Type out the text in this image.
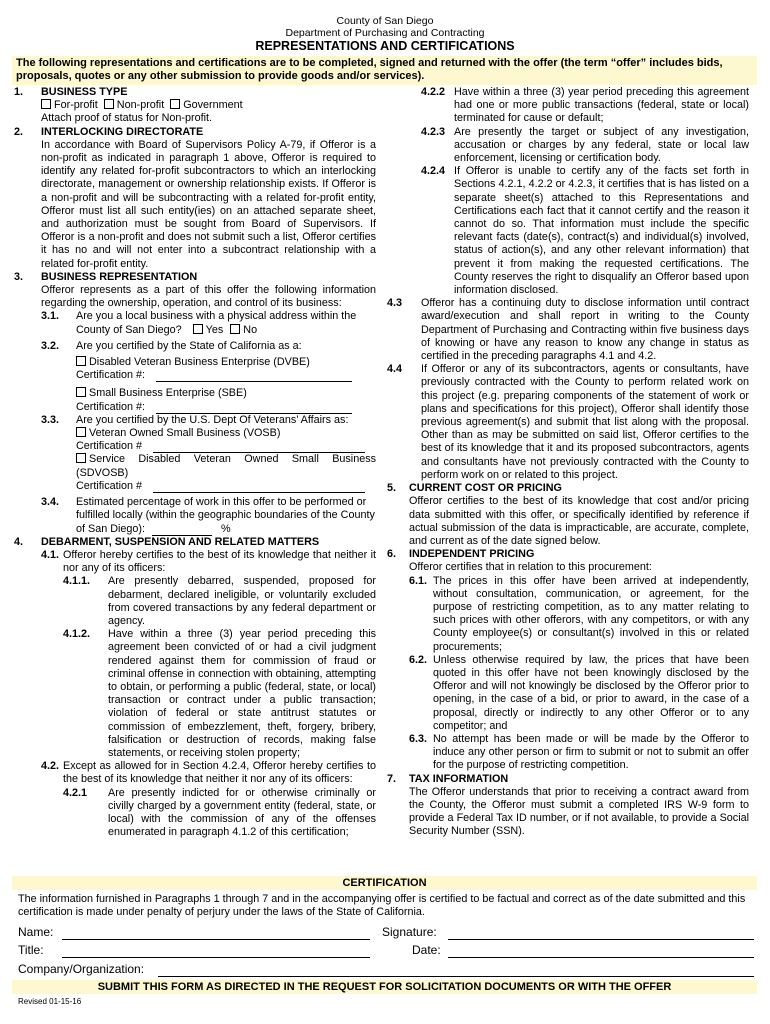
County of San Diego
Department of Purchasing and Contracting
REPRESENTATIONS AND CERTIFICATIONS
The following representations and certifications are to be completed, signed and returned with the offer (the term “offer” includes bids, proposals, quotes or any other submission to provide goods and/or services).
1.	BUSINESS TYPE

For-profit Non-profit Government

Attach proof of status for Non-profit.

2.	INTERLOCKING DIRECTORATE

In accordance with Board of Supervisors Policy A-79, if Offeror is a non-profit as indicated in paragraph 1 above, Offeror is required to identify any related for-profit subcontractors to which an interlocking directorate, management or ownership relationship exists. If Offeror is a non-profit and will be subcontracting with a related for-profit entity, Offeror must list all such entity(ies) on an attached separate sheet, and authorization must be sought from Board of Supervisors. If Offeror is a non-profit and does not submit such a list, Offeror certifies it has no and will not enter into a subcontract relationship with a related for-profit entity.

3.	BUSINESS REPRESENTATION

Offeror represents as a part of this offer the following information regarding the ownership, operation, and control of its business:

3.1.	Are you a local business with a physical address within the County of San Diego? Yes No
3.2.	Are you certified by the State of California as a:

Disabled Veteran Business Enterprise (DVBE)

Certification #:

Small Business Enterprise (SBE)

Certification #:

3.3.	Are you certified by the U.S. Dept Of Veterans’ Affairs as:

Veteran Owned Small Business (VOSB)

Certification #

Service Disabled Veteran Owned Small Business (SDVOSB)

Certification #

3.4.	Estimated percentage of work in this offer to be performed or fulfilled locally (within the geographic boundaries of the County of San Diego):	%
4.	DEBARMENT, SUSPENSION AND RELATED MATTERS

4.1. Offeror hereby certifies to the best of its knowledge that neither it nor any of its officers:

4.1.1.	Are presently debarred, suspended, proposed for debarment, declared ineligible, or voluntarily excluded from covered transactions by any federal department or agency.

4.1.2.	Have within a three (3) year period preceding this agreement been convicted of or had a civil judgment rendered against them for commission of fraud or criminal offense in connection with obtaining, attempting to obtain, or performing a public (federal, state, or local) transaction or contract under a public transaction; violation of federal or state antitrust statutes or commission of embezzlement, theft, forgery, bribery, falsification or destruction of records, making false statements, or receiving stolen property;

4.2. Except as allowed for in Section 4.2.4, Offeror hereby certifies to the best of its knowledge that neither it nor any of its officers:

4.2.1	Are presently indicted for or otherwise criminally or civilly charged by a government entity (federal, state, or local) with the commission of any of the offenses enumerated in paragraph 4.1.2 of this certification;

4.2.2 Have within a three (3) year period preceding this agreement had one or more public transactions (federal, state or local) terminated for cause or default;

4.2.3 Are presently the target or subject of any investigation, accusation or charges by any federal, state or local law enforcement, licensing or certification body.

4.2.4 If Offeror is unable to certify any of the facts set forth in Sections 4.2.1, 4.2.2 or 4.2.3, it certifies that is has listed on a separate sheet(s) attached to this Representations and Certifications each fact that it cannot certify and the reason it cannot do so. That information must include the specific relevant facts (date(s), contract(s) and individual(s) involved, status of action(s), and any other relevant information) that prevent it from making the requested certifications. The County reserves the right to disqualify an Offeror based upon information disclosed.

4.3	Offeror has a continuing duty to disclose information until contract award/execution and shall report in writing to the County Department of Purchasing and Contracting within five business days of knowing or have any reason to know any change in status as certified in the preceding paragraphs 4.1 and 4.2.

4.4	If Offeror or any of its subcontractors, agents or consultants, have previously contracted with the County to perform related work on this project (e.g. preparing components of the statement of work or plans and specifications for this project), Offeror shall identify those previous agreement(s) and submit that list along with the proposal. Other than as may be submitted on said list, Offeror certifies to the best of its knowledge that it and its proposed subcontractors, agents and consultants have not previously contracted with the County to perform work on or related to this project.

5.	CURRENT COST OR PRICING

Offeror certifies to the best of its knowledge that cost and/or pricing data submitted with this offer, or specifically identified by reference if actual submission of the data is impracticable, are accurate, complete, and current as of the date signed below.

6.	INDEPENDENT PRICING

Offeror certifies that in relation to this procurement:

6.1. The prices in this offer have been arrived at independently, without consultation, communication, or agreement, for the purpose of restricting competition, as to any matter relating to such prices with other offerors, with any competitors, or with any County employee(s) or consultant(s) involved in this or related procurements;

6.2. Unless otherwise required by law, the prices that have been quoted in this offer have not been knowingly disclosed by the Offeror and will not knowingly be disclosed by the Offeror prior to opening, in the case of a bid, or prior to award, in the case of a proposal, directly or indirectly to any other Offeror or to any competitor; and

6.3. No attempt has been made or will be made by the Offeror to induce any other person or firm to submit or not to submit an offer for the purpose of restricting competition.

7.	TAX INFORMATION

The Offeror understands that prior to receiving a contract award from the County, the Offeror must submit a completed IRS W-9 form to provide a Federal Tax ID number, or if not available, to provide a Social Security Number (SSN).

CERTIFICATION
The information furnished in Paragraphs 1 through 7 and in the accompanying offer is certified to be factual and correct as of the date submitted and this certification is made under penalty of perjury under the laws of the State of California.
Name:	Signature:
Title:	Date:
Company/Organization:
SUBMIT THIS FORM AS DIRECTED IN THE REQUEST FOR SOLICITATION DOCUMENTS OR WITH THE OFFER
Revised 01-15-16
